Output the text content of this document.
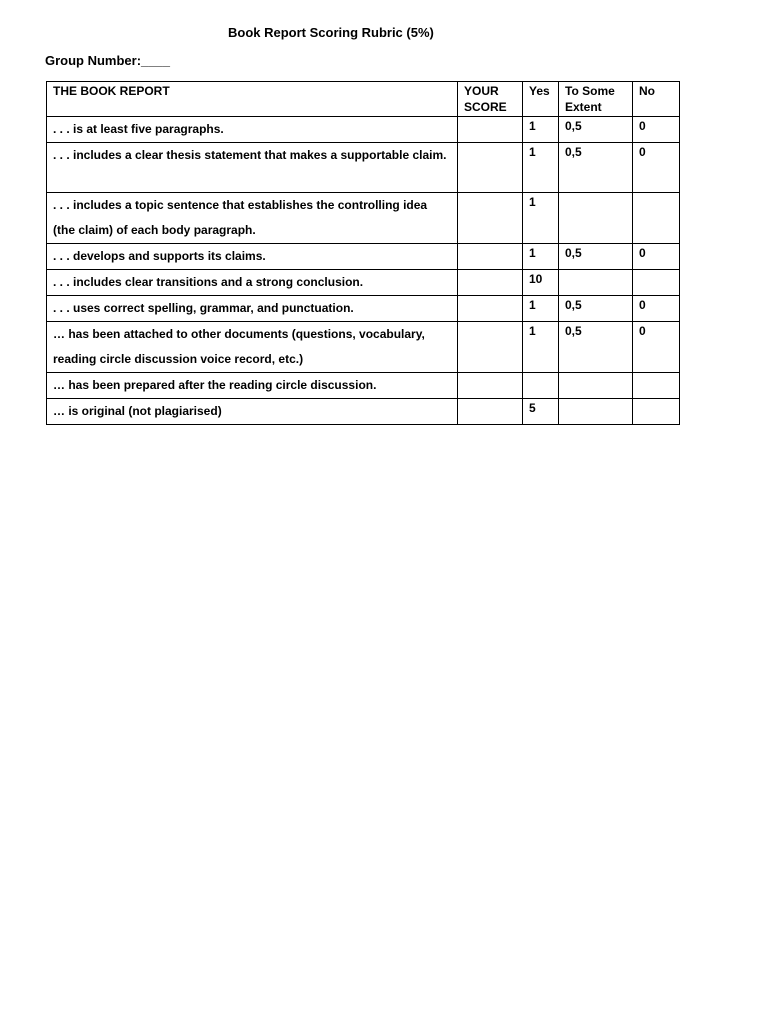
Book Report Scoring Rubric (5%)
Group Number:____
THE BOOK REPORT	YOUR SCORE	Yes	To Some Extent	No
. . . is at least five paragraphs.		1	0,5	0
. . . includes a clear thesis statement that makes a supportable claim.		1	0,5	0
. . . includes a topic sentence that establishes the controlling idea (the claim) of each body paragraph.		1		
. . . develops and supports its claims.		1	0,5	0
. . . includes clear transitions and a strong conclusion.		10		
. . . uses correct spelling, grammar, and punctuation.		1	0,5	0
… has been attached to other documents (questions, vocabulary, reading circle discussion voice record, etc.)		1	0,5	0
… has been prepared after the reading circle discussion.				
… is original (not plagiarised)		5		
